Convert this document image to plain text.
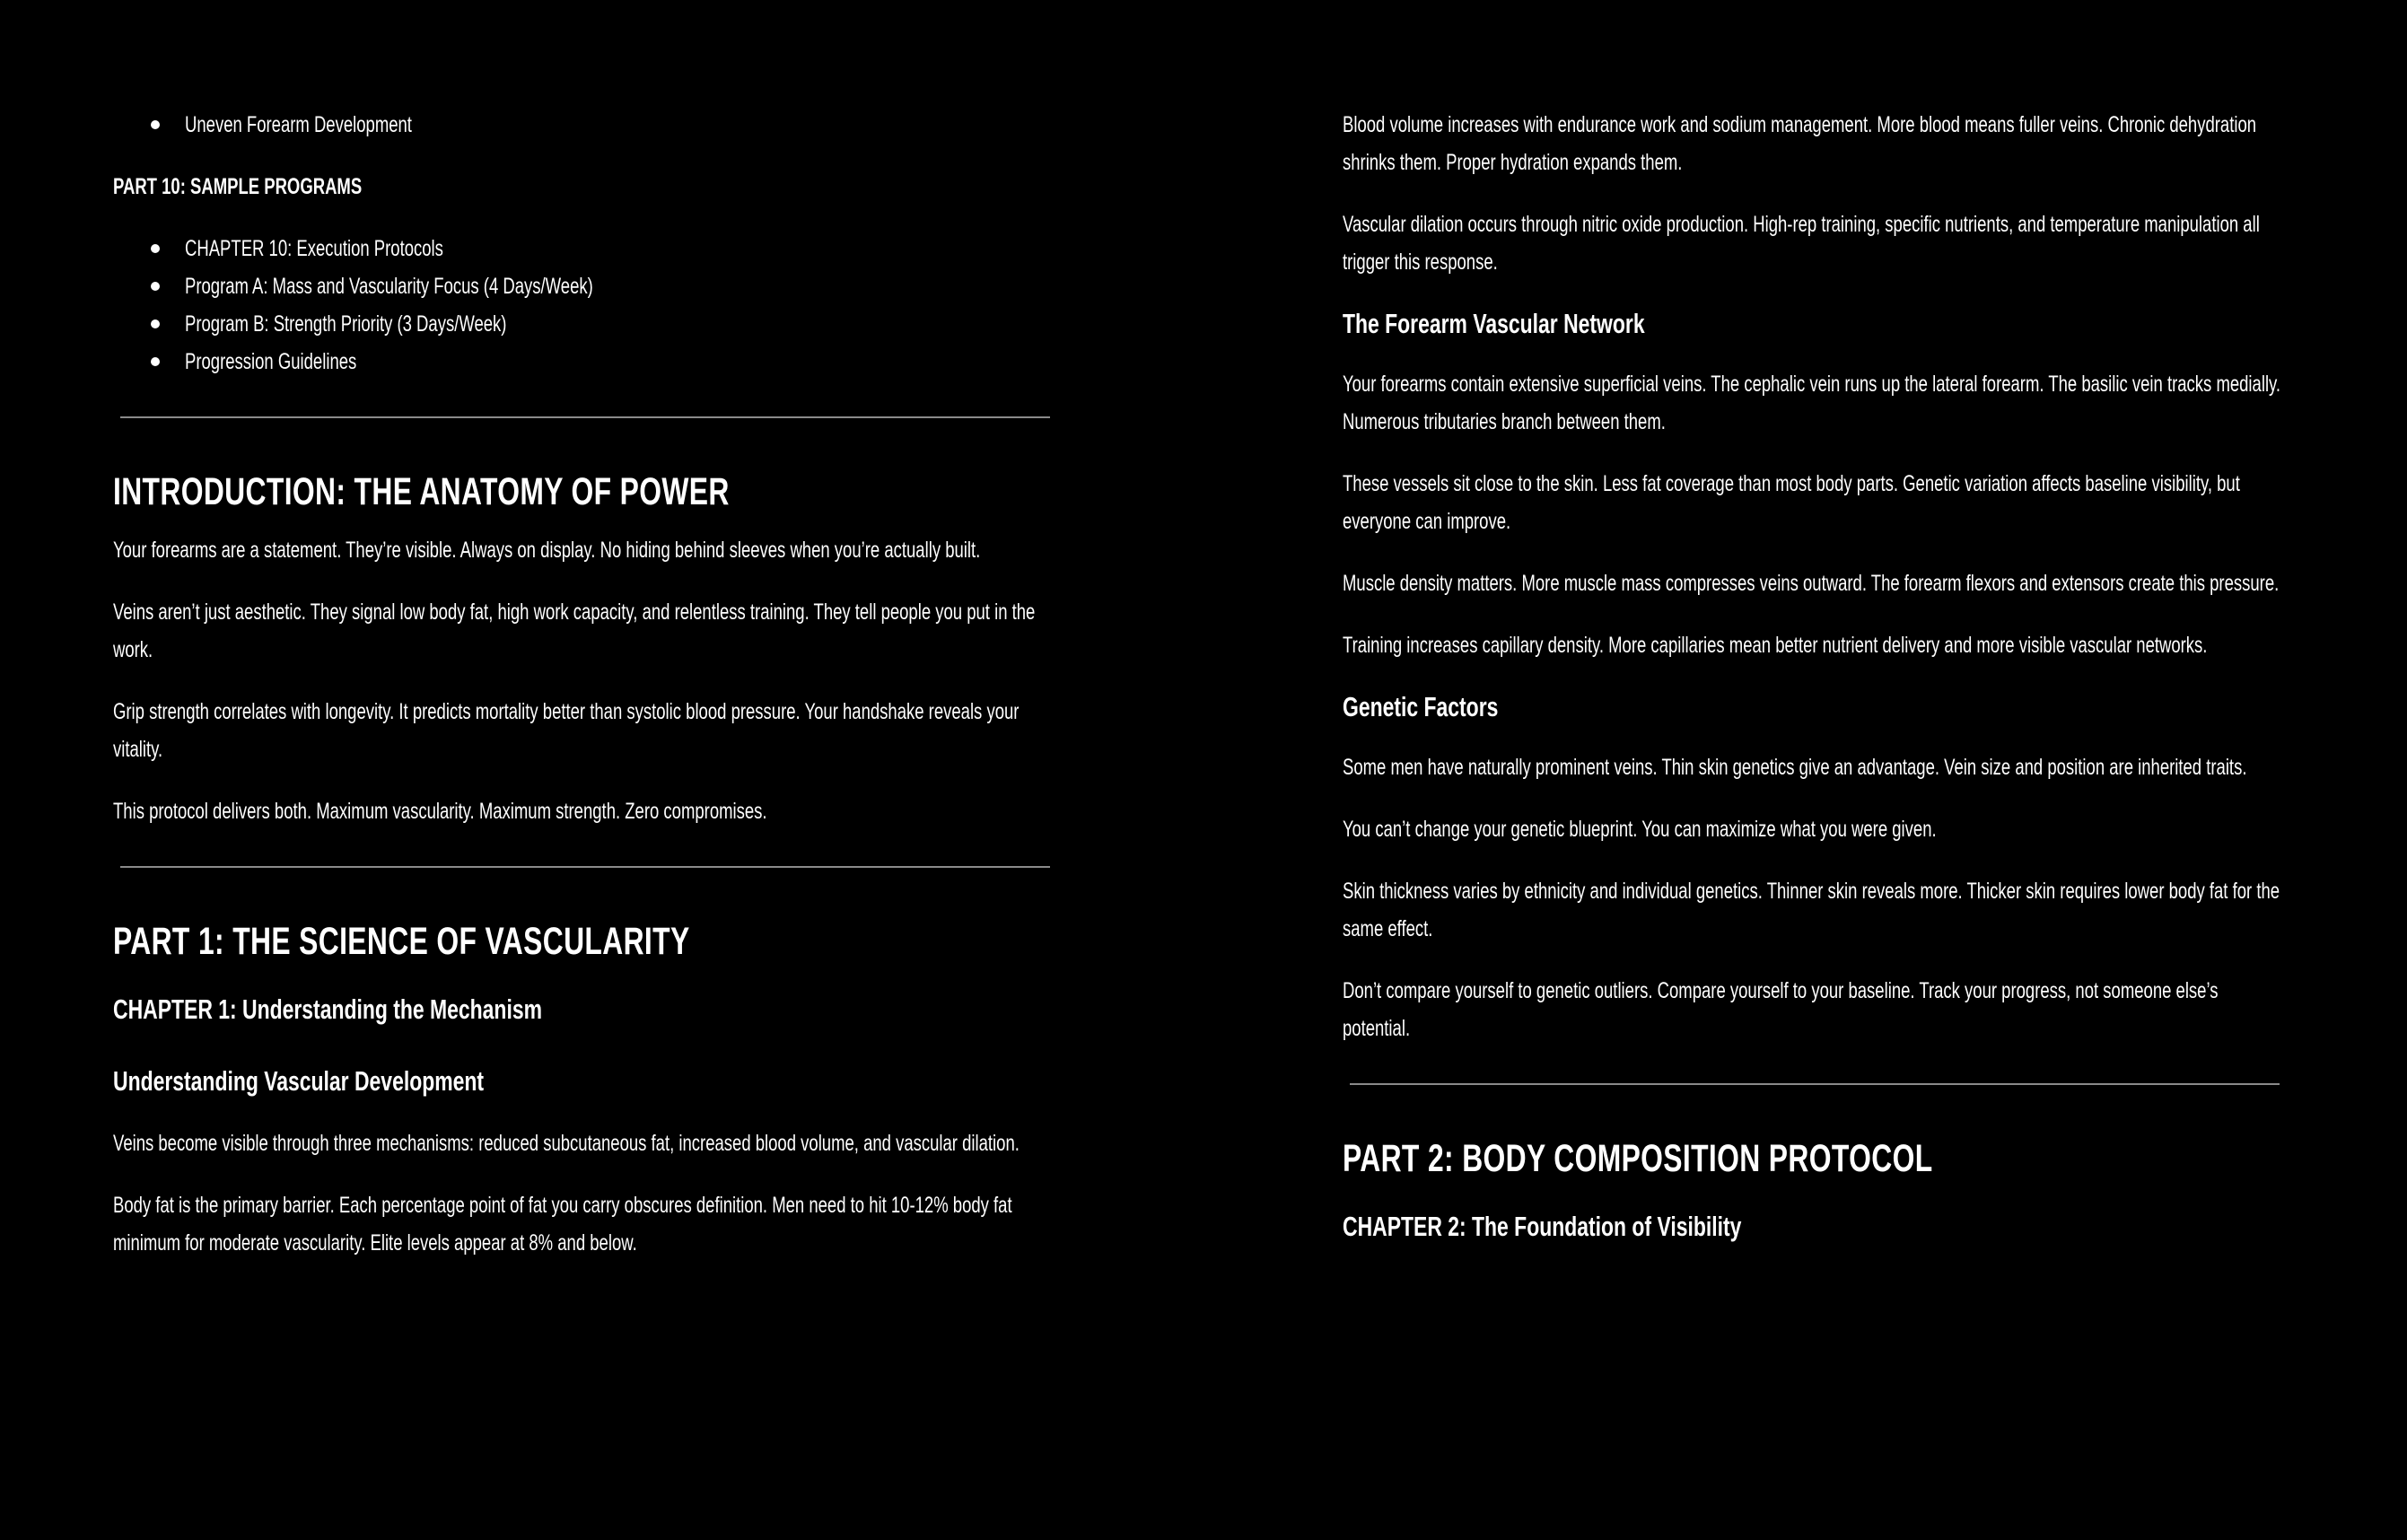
Uneven Forearm Development

PART 10: SAMPLE PROGRAMS

CHAPTER 10: Execution Protocols
Program A: Mass and Vascularity Focus (4 Days/Week)
Program B: Strength Priority (3 Days/Week)
Progression Guidelines
INTRODUCTION: THE ANATOMY OF POWER

Your forearms are a statement. They’re visible. Always on display. No hiding behind sleeves when you’re actually built.

Veins aren’t just aesthetic. They signal low body fat, high work capacity, and relentless training. They tell people you put in the work.

Grip strength correlates with longevity. It predicts mortality better than systolic blood pressure. Your handshake reveals your vitality.

This protocol delivers both. Maximum vascularity. Maximum strength. Zero compromises.

PART 1: THE SCIENCE OF VASCULARITY
CHAPTER 1: Understanding the Mechanism
Understanding Vascular Development

Veins become visible through three mechanisms: reduced subcutaneous fat, increased blood volume, and vascular dilation.

Body fat is the primary barrier. Each percentage point of fat you carry obscures definition. Men need to hit 10-12% body fat minimum for moderate vascularity. Elite levels appear at 8% and below.

Blood volume increases with endurance work and sodium management. More blood means fuller veins. Chronic dehydration shrinks them. Proper hydration expands them.

Vascular dilation occurs through nitric oxide production. High-rep training, specific nutrients, and temperature manipulation all trigger this response.

The Forearm Vascular Network

Your forearms contain extensive superficial veins. The cephalic vein runs up the lateral forearm. The basilic vein tracks medially. Numerous tributaries branch between them.

These vessels sit close to the skin. Less fat coverage than most body parts. Genetic variation affects baseline visibility, but everyone can improve.

Muscle density matters. More muscle mass compresses veins outward. The forearm flexors and extensors create this pressure.

Training increases capillary density. More capillaries mean better nutrient delivery and more visible vascular networks.

Genetic Factors

Some men have naturally prominent veins. Thin skin genetics give an advantage. Vein size and position are inherited traits.

You can’t change your genetic blueprint. You can maximize what you were given.

Skin thickness varies by ethnicity and individual genetics. Thinner skin reveals more. Thicker skin requires lower body fat for the same effect.

Don’t compare yourself to genetic outliers. Compare yourself to your baseline. Track your progress, not someone else’s potential.

PART 2: BODY COMPOSITION PROTOCOL
CHAPTER 2: The Foundation of Visibility
